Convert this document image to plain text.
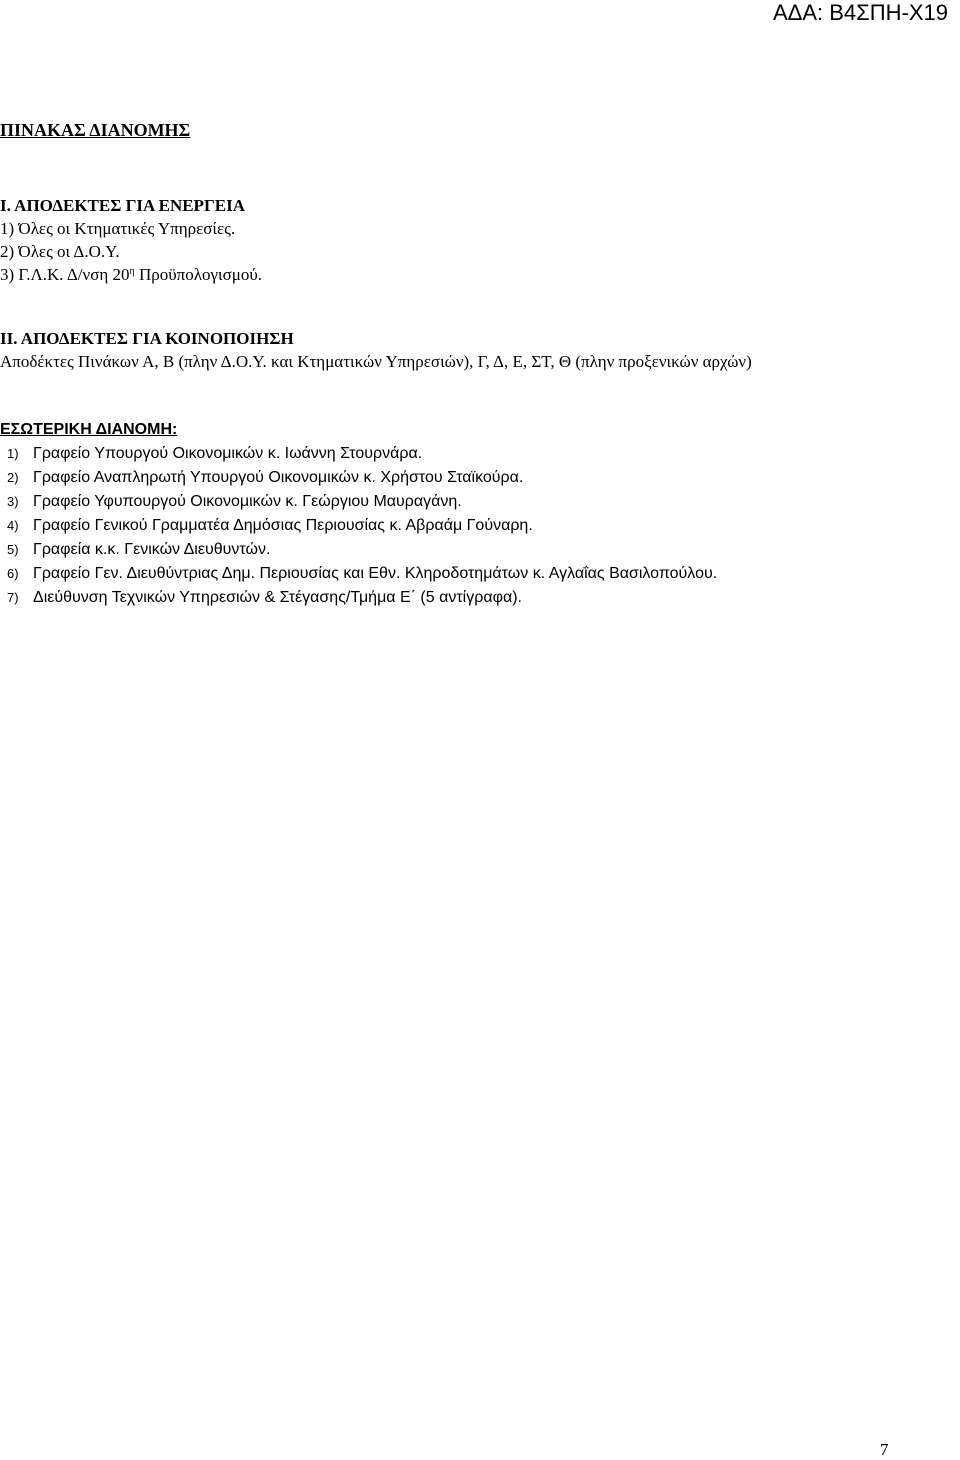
ΑΔΑ: Β4ΣΠΗ-Χ19
ΠΙΝΑΚΑΣ ΔΙΑΝΟΜΗΣ
Ι. ΑΠΟΔΕΚΤΕΣ ΓΙΑ ΕΝΕΡΓΕΙΑ
1) Όλες οι Κτηματικές Υπηρεσίες.
2) Όλες οι Δ.Ο.Υ.
3) Γ.Λ.Κ. Δ/νση $20^\eta$ Προϋπολογισμού.
ΙΙ. ΑΠΟΔΕΚΤΕΣ ΓΙΑ ΚΟΙΝΟΠΟΙΗΣΗ
Αποδέκτες Πινάκων Α, Β (πλην Δ.Ο.Υ. και Κτηματικών Υπηρεσιών), Γ, Δ, Ε, ΣΤ, Θ (πλην προξενικών αρχών)
ΕΣΩΤΕΡΙΚΗ ΔΙΑΝΟΜΗ:
1) Γραφείο Υπουργού Οικονομικών κ. Ιωάννη Στουρνάρα.
2) Γραφείο Αναπληρωτή Υπουργού Οικονομικών κ. Χρήστου Σταϊκούρα.
3) Γραφείο Υφυπουργού Οικονομικών κ. Γεώργιου Μαυραγάνη.
4) Γραφείο Γενικού Γραμματέα Δημόσιας Περιουσίας κ. Αβραάμ Γούναρη.
5) Γραφεία κ.κ. Γενικών Διευθυντών.
6) Γραφείο Γεν. Διευθύντριας Δημ. Περιουσίας και Εθν. Κληροδοτημάτων κ. Αγλαΐας Βασιλοπούλου.
7) Διεύθυνση Τεχνικών Υπηρεσιών & Στέγασης/Τμήμα Ε΄ (5 αντίγραφα).
7
